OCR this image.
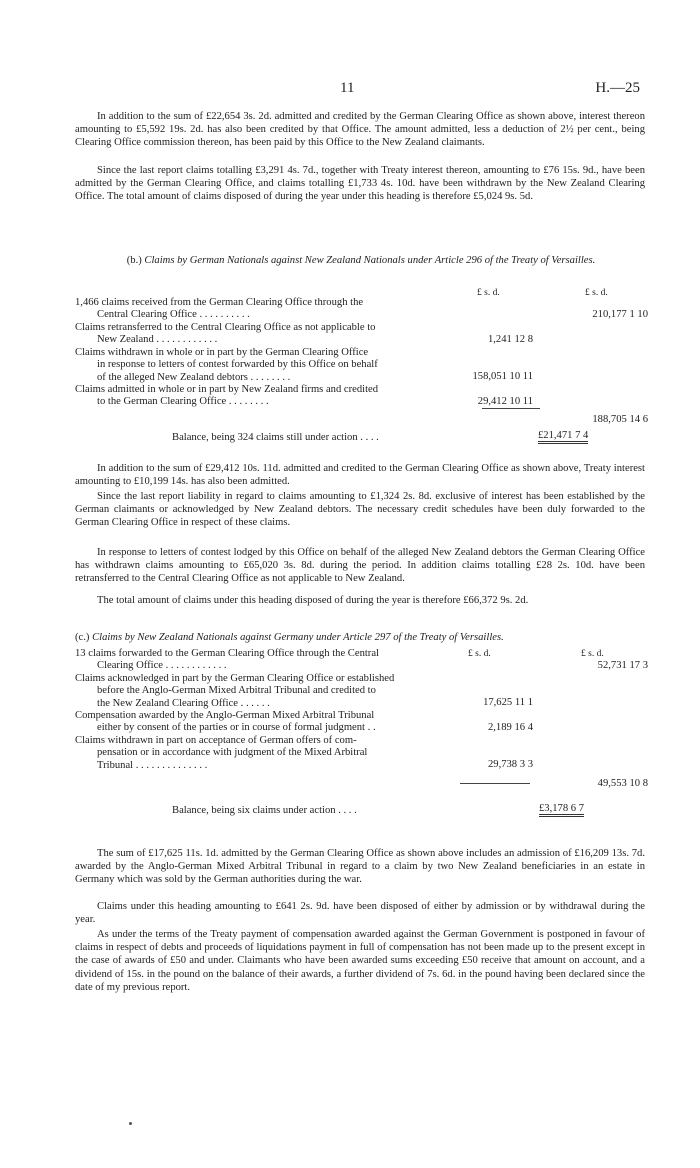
11	H.—25

In addition to the sum of £22,654 3s. 2d. admitted and credited by the German Clearing Office as shown above, interest thereon amounting to £5,592 19s. 2d. has also been credited by that Office. The amount admitted, less a deduction of 2½ per cent., being Clearing Office commission thereon, has been paid by this Office to the New Zealand claimants.

Since the last report claims totalling £3,291 4s. 7d., together with Treaty interest thereon, amounting to £76 15s. 9d., have been admitted by the German Clearing Office, and claims totalling £1,733 4s. 10d. have been withdrawn by the New Zealand Clearing Office. The total amount of claims disposed of during the year under this heading is therefore £5,024 9s. 5d.

(b.) Claims by German Nationals against New Zealand Nationals under Article 296 of the Treaty of Versailles.

£ s. d.	£ s. d.
1,466 claims received from the German Clearing Office through the
Central Clearing Office . . . . . . . . . .	210,177 1 10
Claims retransferred to the Central Clearing Office as not applicable to
New Zealand . . . . . . . . . . . .	1,241 12 8
Claims withdrawn in whole or in part by the German Clearing Office
in response to letters of contest forwarded by this Office on behalf
of the alleged New Zealand debtors . . . . . . . .	158,051 10 11
Claims admitted in whole or in part by New Zealand firms and credited
to the German Clearing Office . . . . . . . .	29,412 10 11
188,705 14 6
Balance, being 324 claims still under action . . . .	£21,471 7 4

In addition to the sum of £29,412 10s. 11d. admitted and credited to the German Clearing Office as shown above, Treaty interest amounting to £10,199 14s. has also been admitted.

Since the last report liability in regard to claims amounting to £1,324 2s. 8d. exclusive of interest has been established by the German claimants or acknowledged by New Zealand debtors. The necessary credit schedules have been duly forwarded to the German Clearing Office in respect of these claims.

In response to letters of contest lodged by this Office on behalf of the alleged New Zealand debtors the German Clearing Office has withdrawn claims amounting to £65,020 3s. 8d. during the period. In addition claims totalling £28 2s. 10d. have been retransferred to the Central Clearing Office as not applicable to New Zealand.

The total amount of claims under this heading disposed of during the year is therefore £66,372 9s. 2d.

(c.) Claims by New Zealand Nationals against Germany under Article 297 of the Treaty of Versailles.

£ s. d.	£ s. d.
13 claims forwarded to the German Clearing Office through the Central
Clearing Office . . . . . . . . . . . .	52,731 17 3
Claims acknowledged in part by the German Clearing Office or established
before the Anglo-German Mixed Arbitral Tribunal and credited to
the New Zealand Clearing Office . . . . . .	17,625 11 1
Compensation awarded by the Anglo-German Mixed Arbitral Tribunal
either by consent of the parties or in course of formal judgment . .	2,189 16 4
Claims withdrawn in part on acceptance of German offers of com-
pensation or in accordance with judgment of the Mixed Arbitral
Tribunal . . . . . . . . . . . . . .	29,738 3 3
49,553 10 8
Balance, being six claims under action . . . .	£3,178 6 7

The sum of £17,625 11s. 1d. admitted by the German Clearing Office as shown above includes an admission of £16,209 13s. 7d. awarded by the Anglo-German Mixed Arbitral Tribunal in regard to a claim by two New Zealand beneficiaries in an estate in Germany which was sold by the German authorities during the war.

Claims under this heading amounting to £641 2s. 9d. have been disposed of either by admission or by withdrawal during the year.

As under the terms of the Treaty payment of compensation awarded against the German Government is postponed in favour of claims in respect of debts and proceeds of liquidations payment in full of compensation has not been made up to the present except in the case of awards of £50 and under. Claimants who have been awarded sums exceeding £50 receive that amount on account, and a dividend of 15s. in the pound on the balance of their awards, a further dividend of 7s. 6d. in the pound having been declared since the date of my previous report.
